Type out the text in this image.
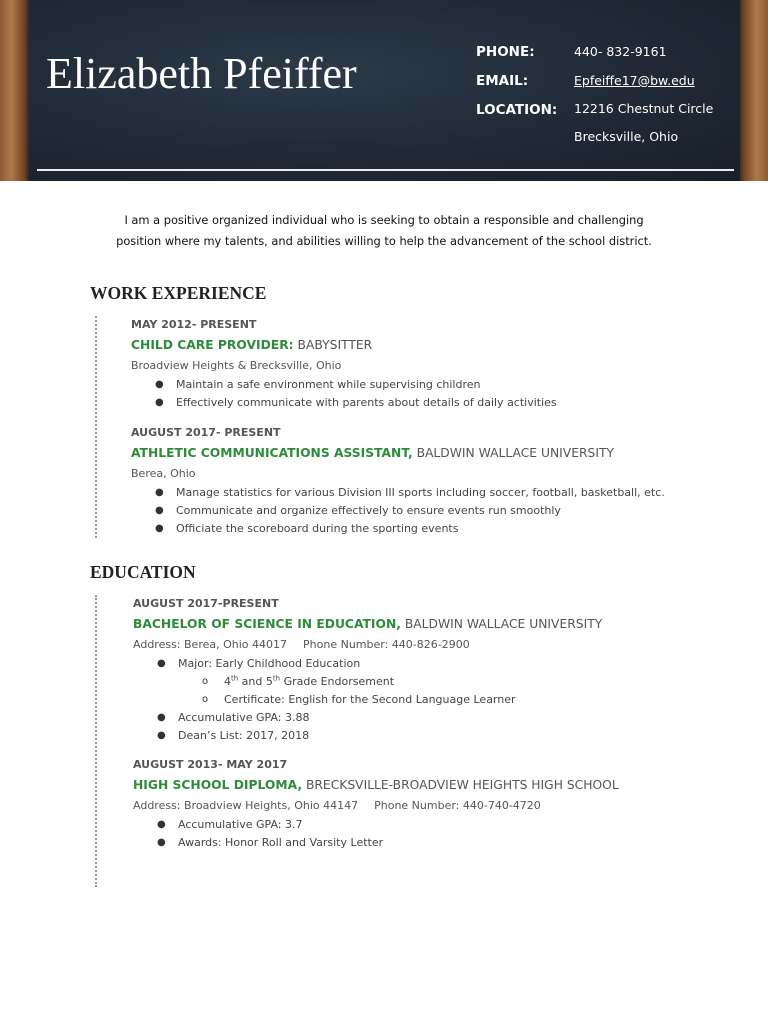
Elizabeth Pfeiffer	PHONE:	440- 832-9161
EMAIL:	Epfeiffe17@bw.edu
LOCATION: 12216 Chestnut Circle
Brecksville, Ohio
I am a positive organized individual who is seeking to obtain a responsible and challenging
position where my talents, and abilities willing to help the advancement of the school district.
WORK EXPERIENCE
MAY 2012- PRESENT
CHILD CARE PROVIDER: BABYSITTER
Broadview Heights & Brecksville, Ohio
● Maintain a safe environment while supervising children
● Effectively communicate with parents about details of daily activities
AUGUST 2017- PRESENT
ATHLETIC COMMUNICATIONS ASSISTANT, BALDWIN WALLACE UNIVERSITY
Berea, Ohio
● Manage statistics for various Division III sports including soccer, football, basketball, etc.
● Communicate and organize effectively to ensure events run smoothly
● Officiate the scoreboard during the sporting events
EDUCATION
AUGUST 2017-PRESENT
BACHELOR OF SCIENCE IN EDUCATION, BALDWIN WALLACE UNIVERSITY
Address: Berea, Ohio 44017 Phone Number: 440-826-2900
● Major: Early Childhood Education
o 4th and 5th Grade Endorsement
o Certificate: English for the Second Language Learner
● Accumulative GPA: 3.88
● Dean’s List: 2017, 2018
AUGUST 2013- MAY 2017
HIGH SCHOOL DIPLOMA, BRECKSVILLE-BROADVIEW HEIGHTS HIGH SCHOOL
Address: Broadview Heights, Ohio 44147 Phone Number: 440-740-4720
● Accumulative GPA: 3.7
● Awards: Honor Roll and Varsity Letter
